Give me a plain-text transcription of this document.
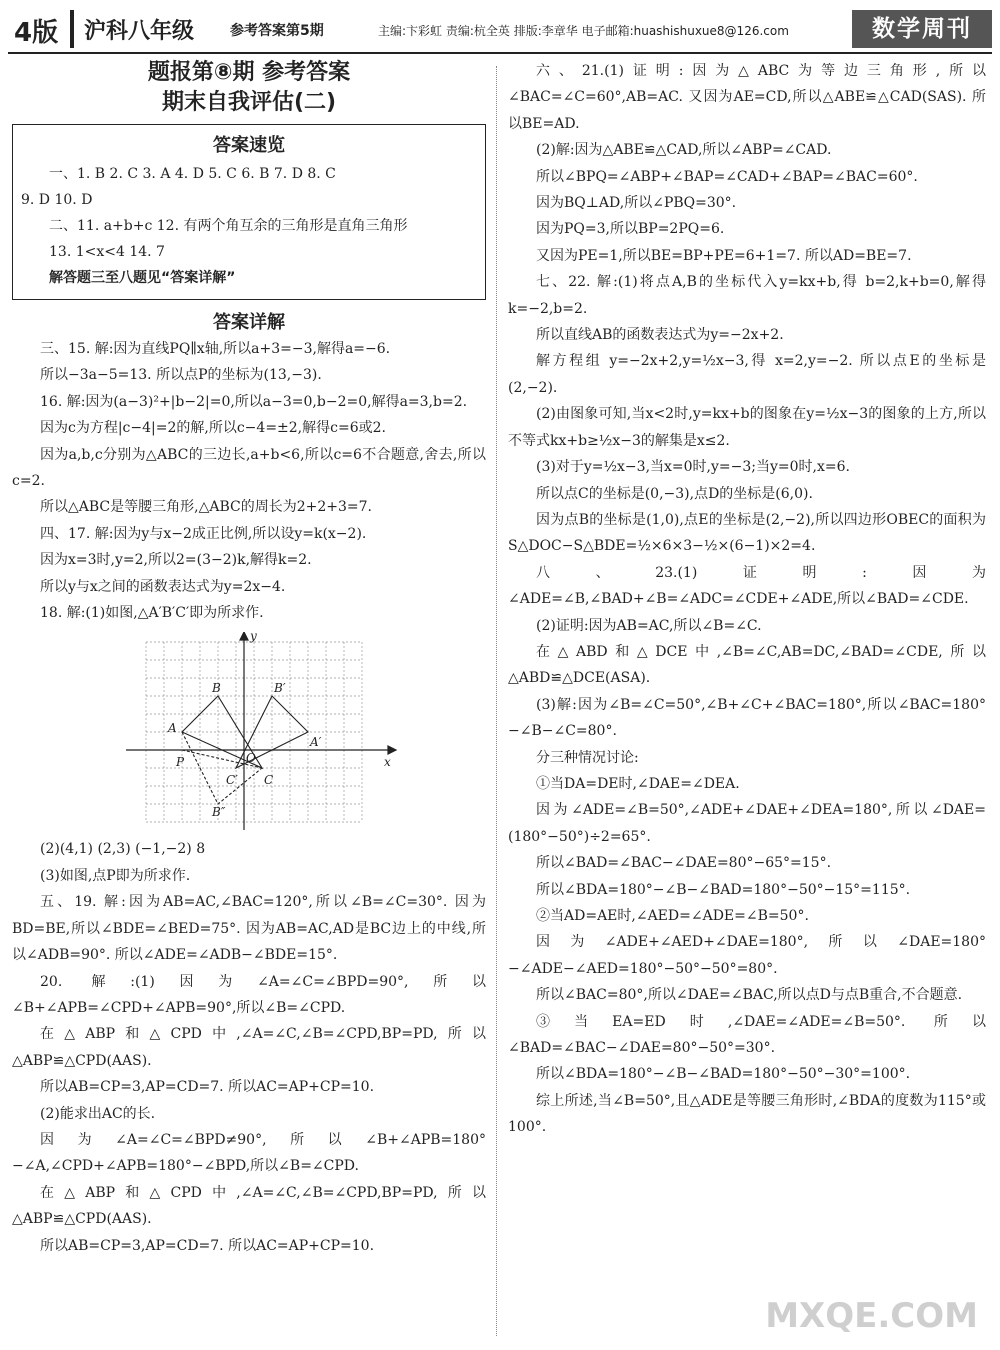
4版 沪科八年级	参考答案第5期	主编:卞彩虹 责编:杭全英 排版:李章华 电子邮箱:huashishuxue8@126.com	数学周刊
题报第⑧期 参考答案
期末自我评估(二)
答案速览

一、1. B 2. C 3. A 4. D 5. C 6. B 7. D 8. C

9. D 10. D

二、11. a+b+c 12. 有两个角互余的三角形是直角三角形

13. 1<x<4 14. 7

解答题三至八题见“答案详解”

答案详解

三、15. 解:因为直线PQ∥x轴,所以a+3=−3,解得a=−6.

所以−3a−5=13. 所以点P的坐标为(13,−3).

16. 解:因为(a−3)²+|b−2|=0,所以a−3=0,b−2=0,解得a=3,b=2.

因为c为方程|c−4|=2的解,所以c−4=±2,解得c=6或2.

因为a,b,c分别为△ABC的三边长,a+b<6,所以c=6不合题意,舍去,所以c=2.

所以△ABC是等腰三角形,△ABC的周长为2+2+3=7.

四、17. 解:因为y与x−2成正比例,所以设y=k(x−2).

因为x=3时,y=2,所以2=(3−2)k,解得k=2.

所以y与x之间的函数表达式为y=2x−4.

18. 解:(1)如图,△A′B′C′即为所求作.

y
x
A
B	B′
A′
P	O
C′ C
B″

(2)(4,1) (2,3) (−1,−2) 8

(3)如图,点P即为所求作.

五、19. 解:因为AB=AC,∠BAC=120°,所以∠B=∠C=30°. 因为BD=BE,所以∠BDE=∠BED=75°. 因为AB=AC,AD是BC边上的中线,所以∠ADB=90°. 所以∠ADE=∠ADB−∠BDE=15°.

20. 解:(1)因为∠A=∠C=∠BPD=90°,所以∠B+∠APB=∠CPD+∠APB=90°,所以∠B=∠CPD.

在△ABP和△CPD中,∠A=∠C,∠B=∠CPD,BP=PD,所以△ABP≌△CPD(AAS).

所以AB=CP=3,AP=CD=7. 所以AC=AP+CP=10.

(2)能求出AC的长.

因为∠A=∠C=∠BPD≠90°,所以∠B+∠APB=180°−∠A,∠CPD+∠APB=180°−∠BPD,所以∠B=∠CPD.

在△ABP和△CPD中,∠A=∠C,∠B=∠CPD,BP=PD,所以△ABP≌△CPD(AAS).

所以AB=CP=3,AP=CD=7. 所以AC=AP+CP=10.

六、21.(1)证明:因为△ABC为等边三角形,所以∠BAC=∠C=60°,AB=AC. 又因为AE=CD,所以△ABE≌△CAD(SAS). 所以BE=AD.

(2)解:因为△ABE≌△CAD,所以∠ABP=∠CAD.

所以∠BPQ=∠ABP+∠BAP=∠CAD+∠BAP=∠BAC=60°.

因为BQ⊥AD,所以∠PBQ=30°.

因为PQ=3,所以BP=2PQ=6.

又因为PE=1,所以BE=BP+PE=6+1=7. 所以AD=BE=7.

七、22. 解:(1)将点A,B的坐标代入y=kx+b,得 b=2,k+b=0,解得 k=−2,b=2.

所以直线AB的函数表达式为y=−2x+2.

解方程组 y=−2x+2,y=½x−3,得 x=2,y=−2. 所以点E的坐标是(2,−2).

(2)由图象可知,当x<2时,y=kx+b的图象在y=½x−3的图象的上方,所以不等式kx+b≥½x−3的解集是x≤2.

(3)对于y=½x−3,当x=0时,y=−3;当y=0时,x=6.

所以点C的坐标是(0,−3),点D的坐标是(6,0).

因为点B的坐标是(1,0),点E的坐标是(2,−2),所以四边形OBEC的面积为S△DOC−S△BDE=½×6×3−½×(6−1)×2=4.

八、23.(1)证明:因为∠ADE=∠B,∠BAD+∠B=∠ADC=∠CDE+∠ADE,所以∠BAD=∠CDE.

(2)证明:因为AB=AC,所以∠B=∠C.

在△ABD和△DCE中,∠B=∠C,AB=DC,∠BAD=∠CDE,所以△ABD≌△DCE(ASA).

(3)解:因为∠B=∠C=50°,∠B+∠C+∠BAC=180°,所以∠BAC=180°−∠B−∠C=80°.

分三种情况讨论:

①当DA=DE时,∠DAE=∠DEA.

因为∠ADE=∠B=50°,∠ADE+∠DAE+∠DEA=180°,所以∠DAE=(180°−50°)÷2=65°.

所以∠BAD=∠BAC−∠DAE=80°−65°=15°.

所以∠BDA=180°−∠B−∠BAD=180°−50°−15°=115°.

②当AD=AE时,∠AED=∠ADE=∠B=50°.

因为∠ADE+∠AED+∠DAE=180°,所以∠DAE=180°−∠ADE−∠AED=180°−50°−50°=80°.

所以∠BAC=80°,所以∠DAE=∠BAC,所以点D与点B重合,不合题意.

③当EA=ED时,∠DAE=∠ADE=∠B=50°. 所以∠BAD=∠BAC−∠DAE=80°−50°=30°.

所以∠BDA=180°−∠B−∠BAD=180°−50°−30°=100°.

综上所述,当∠B=50°,且△ADE是等腰三角形时,∠BDA的度数为115°或100°.

MXQE.COM
